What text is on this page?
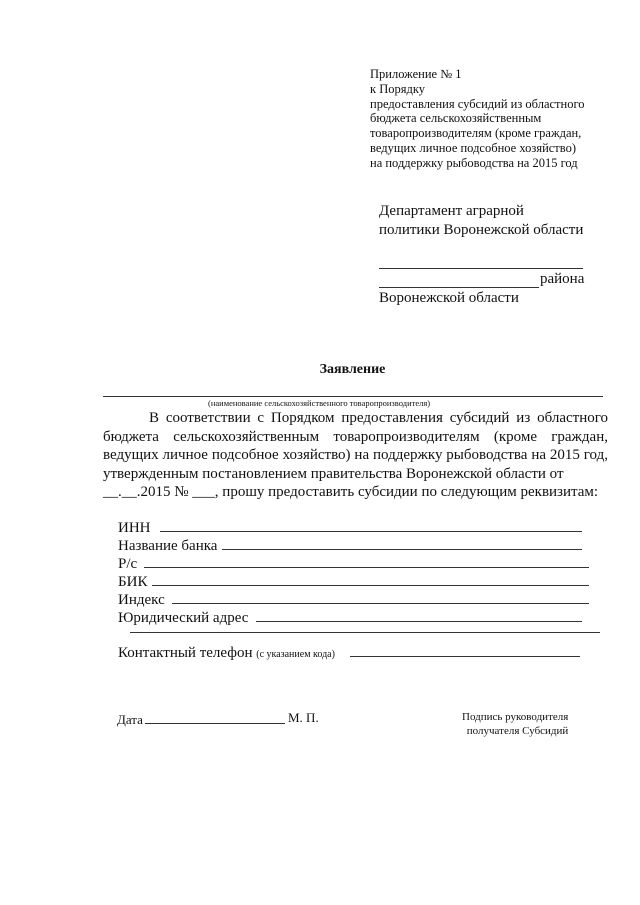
Приложение № 1
к Порядку
предоставления субсидий из областного
бюджета сельскохозяйственным
товаропроизводителям (кроме граждан,
ведущих личное подсобное хозяйство)
на поддержку рыбоводства на 2015 год
Департамент аграрной
политики Воронежской области
района
Воронежской области
Заявление
(наименование сельскохозяйственного товаропроизводителя)

В соответствии с Порядком предоставления субсидий из областного бюджета сельскохозяйственным товаропроизводителям (кроме граждан, ведущих личное подсобное хозяйство) на поддержку рыбоводства на 2015 год, утвержденным постановлением правительства Воронежской области от

__.__.2015 № ___, прошу предоставить субсидии по следующим реквизитам:

ИНН
Название банка
Р/с
БИК
Индекс
Юридический адрес
Контактный телефон (с указанием кода)
Дата	М. П.	Подпись руководителя
получателя Субсидий
